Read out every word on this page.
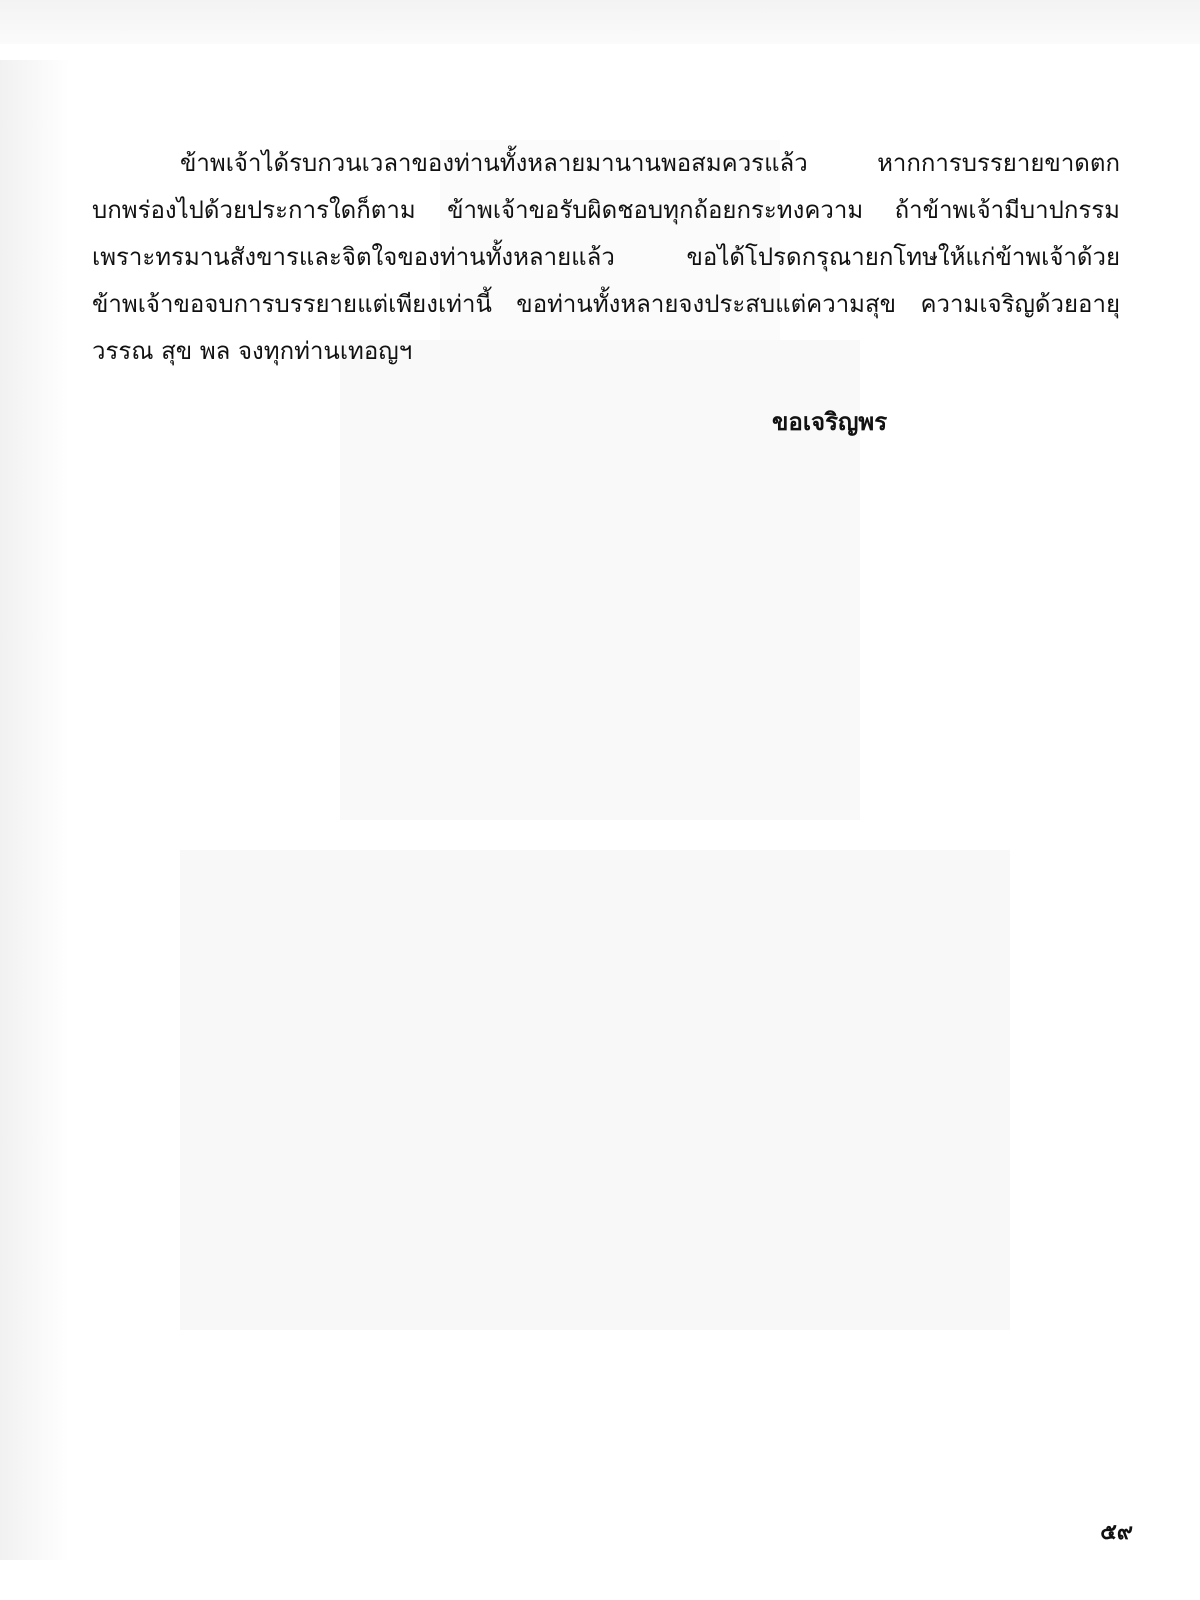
ข้าพเจ้าได้รบกวนเวลาของท่านทั้งหลายมานานพอสมควรแล้ว หากการบรรยายขาดตกบกพร่องไปด้วยประการใดก็ตาม ข้าพเจ้าขอรับผิดชอบทุกถ้อยกระทงความ ถ้าข้าพเจ้ามีบาปกรรมเพราะทรมานสังขารและจิตใจของท่านทั้งหลายแล้ว ขอได้โปรดกรุณายกโทษให้แก่ข้าพเจ้าด้วย ข้าพเจ้าขอจบการบรรยายแต่เพียงเท่านี้ ขอท่านทั้งหลายจงประสบแต่ความสุข ความเจริญด้วยอายุ วรรณ สุข พล จงทุกท่านเทอญฯ

ขอเจริญพร

๕๙
